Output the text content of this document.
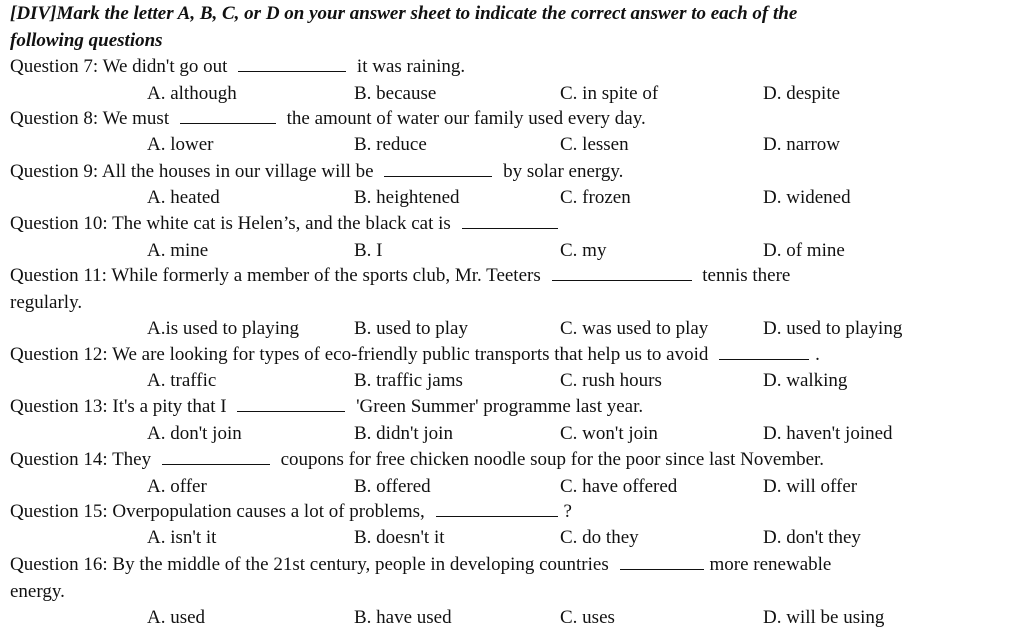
[DIV]Mark the letter A, B, C, or D on your answer sheet to indicate the correct answer to each of the
following questions
Question 7: We didn't go out	it was raining.
A. although	B. because	C. in spite of	D. despite
Question 8: We must	the amount of water our family used every day.
A. lower	B. reduce	C. lessen	D. narrow
Question 9: All the houses in our village will be	by solar energy.
A. heated	B. heightened	C. frozen	D. widened
Question 10: The white cat is Helen’s, and the black cat is
A. mine	B. I	C. my	D. of mine
Question 11: While formerly a member of the sports club, Mr. Teeters	tennis there
regularly.
A.is used to playing	B. used to play	C. was used to play	D. used to playing
Question 12: We are looking for types of eco-friendly public transports that help us to avoid	.
A. traffic	B. traffic jams	C. rush hours	D. walking
Question 13: It's a pity that I	'Green Summer' programme last year.
A. don't join	B. didn't join	C. won't join	D. haven't joined
Question 14: They	coupons for free chicken noodle soup for the poor since last November.
A. offer	B. offered	C. have offered	D. will offer
Question 15: Overpopulation causes a lot of problems,	?
A. isn't it	B. doesn't it	C. do they	D. don't they
Question 16: By the middle of the 21st century, people in developing countries	more renewable
energy.
A. used	B. have used	C. uses	D. will be using
